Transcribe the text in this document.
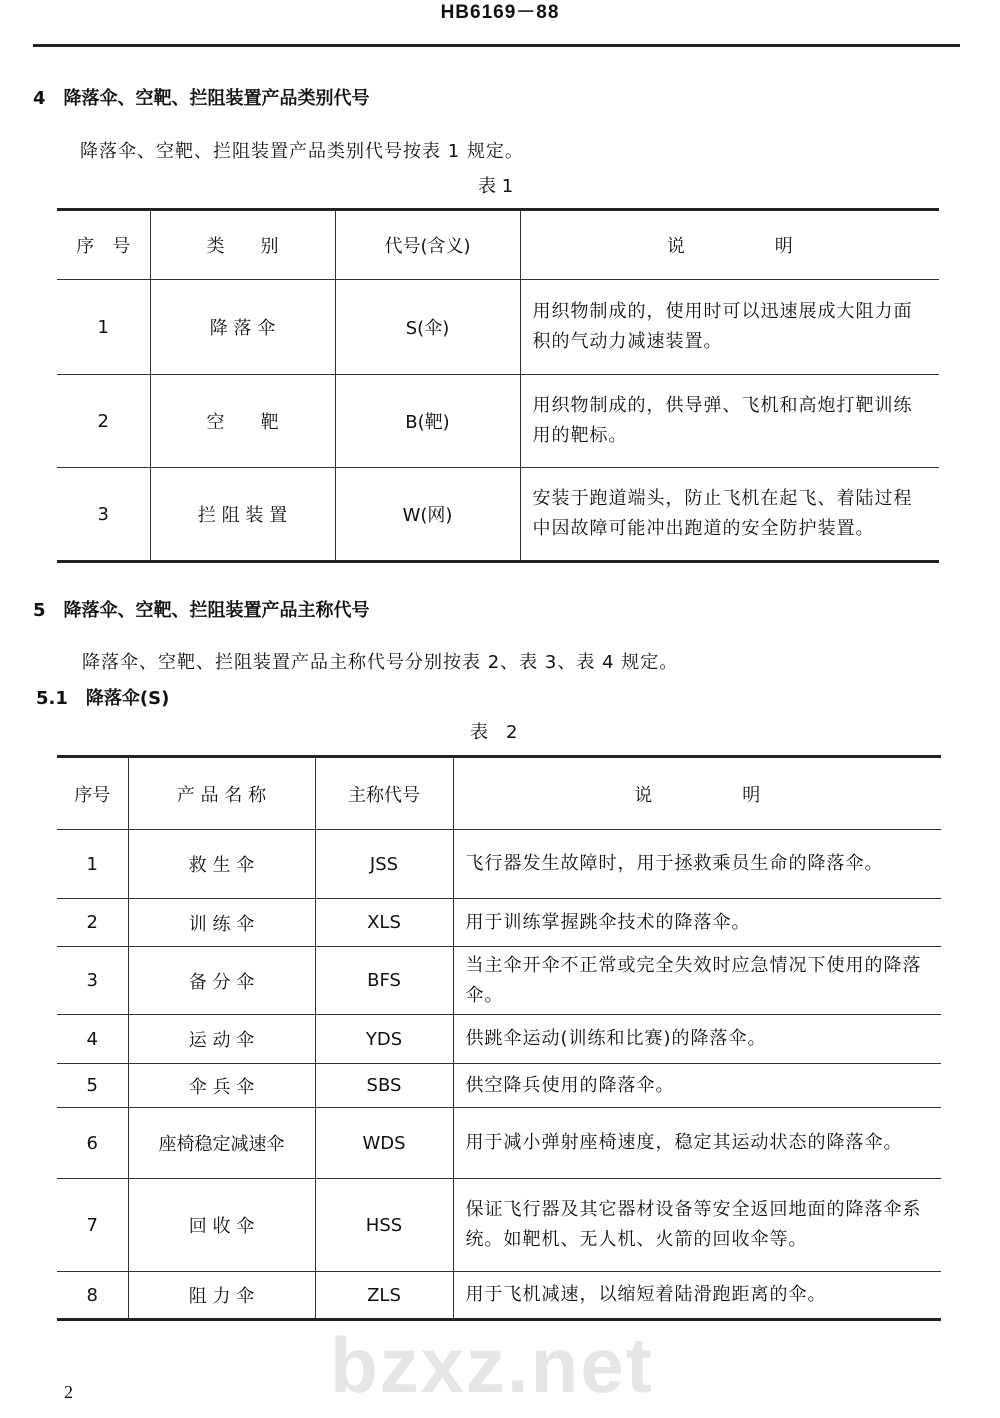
HB6169－88
4　降落伞、空靶、拦阻装置产品类别代号
降落伞、空靶、拦阻装置产品类别代号按表 1 规定。
表 1
序　号	类　　别	代号(含义)	说　　　　　明
1	降 落 伞	S(伞)	用织物制成的，使用时可以迅速展成大阻力面积的气动力减速装置。
2	空　　靶	B(靶)	用织物制成的，供导弹、飞机和高炮打靶训练用的靶标。
3	拦 阻 装 置	W(网)	安装于跑道端头，防止飞机在起飞、着陆过程中因故障可能冲出跑道的安全防护装置。
5　降落伞、空靶、拦阻装置产品主称代号
降落伞、空靶、拦阻装置产品主称代号分别按表 2、表 3、表 4 规定。
5.1　降落伞(S)
表　2
序号	产 品 名 称	主称代号	说　　　　　明
1	救 生 伞	JSS	飞行器发生故障时，用于拯救乘员生命的降落伞。
2	训 练 伞	XLS	用于训练掌握跳伞技术的降落伞。
3	备 分 伞	BFS	当主伞开伞不正常或完全失效时应急情况下使用的降落伞。
4	运 动 伞	YDS	供跳伞运动(训练和比赛)的降落伞。
5	伞 兵 伞	SBS	供空降兵使用的降落伞。
6	座椅稳定减速伞	WDS	用于减小弹射座椅速度，稳定其运动状态的降落伞。
7	回 收 伞	HSS	保证飞行器及其它器材设备等安全返回地面的降落伞系统。如靶机、无人机、火箭的回收伞等。
8	阻 力 伞	ZLS	用于飞机减速，以缩短着陆滑跑距离的伞。
bzxz.net
2
